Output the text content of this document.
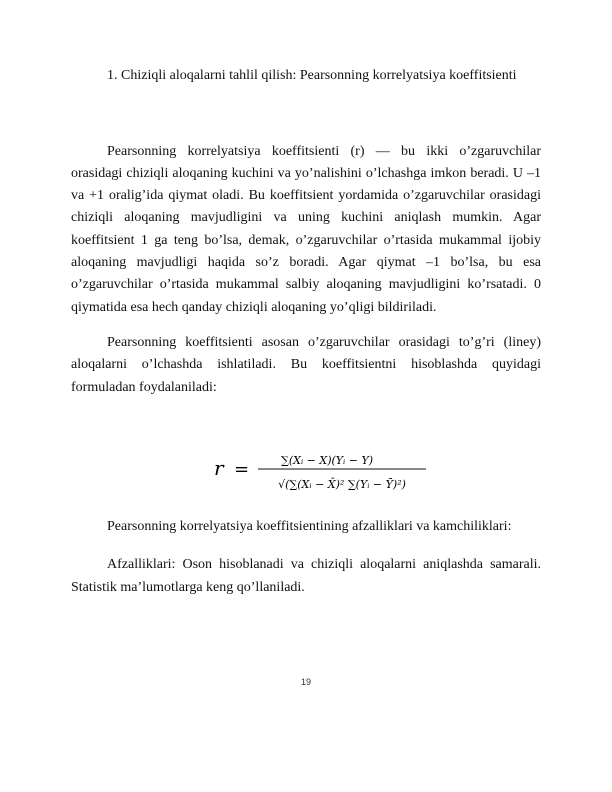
1. Chiziqli aloqalarni tahlil qilish: Pearsonning korrelyatsiya koeffitsienti
Pearsonning korrelyatsiya koeffitsienti (r) — bu ikki o’zgaruvchilar
orasidagi chiziqli aloqaning kuchini va yo’nalishini o’lchashga imkon beradi. U –1
va +1 oralig’ida qiymat oladi. Bu koeffitsient yordamida o’zgaruvchilar orasidagi
chiziqli aloqaning mavjudligini va uning kuchini aniqlash mumkin. Agar
koeffitsient 1 ga teng bo’lsa, demak, o’zgaruvchilar o’rtasida mukammal ijobiy
aloqaning mavjudligi haqida so’z boradi. Agar qiymat –1 bo’lsa, bu esa
o’zgaruvchilar o’rtasida mukammal salbiy aloqaning mavjudligini ko’rsatadi. 0
qiymatida esa hech qanday chiziqli aloqaning yo’qligi bildiriladi.
Pearsonning koeffitsienti asosan o’zgaruvchilar orasidagi to’g’ri (liney)
aloqalarni o’lchashda ishlatiladi. Bu koeffitsientni hisoblashda quyidagi
formuladan foydalaniladi:
r =	∑(Xᵢ − X)(Yᵢ − Y)
√(∑(Xᵢ − X̄)² ∑(Yᵢ − Ȳ)²)
Pearsonning korrelyatsiya koeffitsientining afzalliklari va kamchiliklari:
Afzalliklari: Oson hisoblanadi va chiziqli aloqalarni aniqlashda samarali.
Statistik ma’lumotlarga keng qo’llaniladi.
19
